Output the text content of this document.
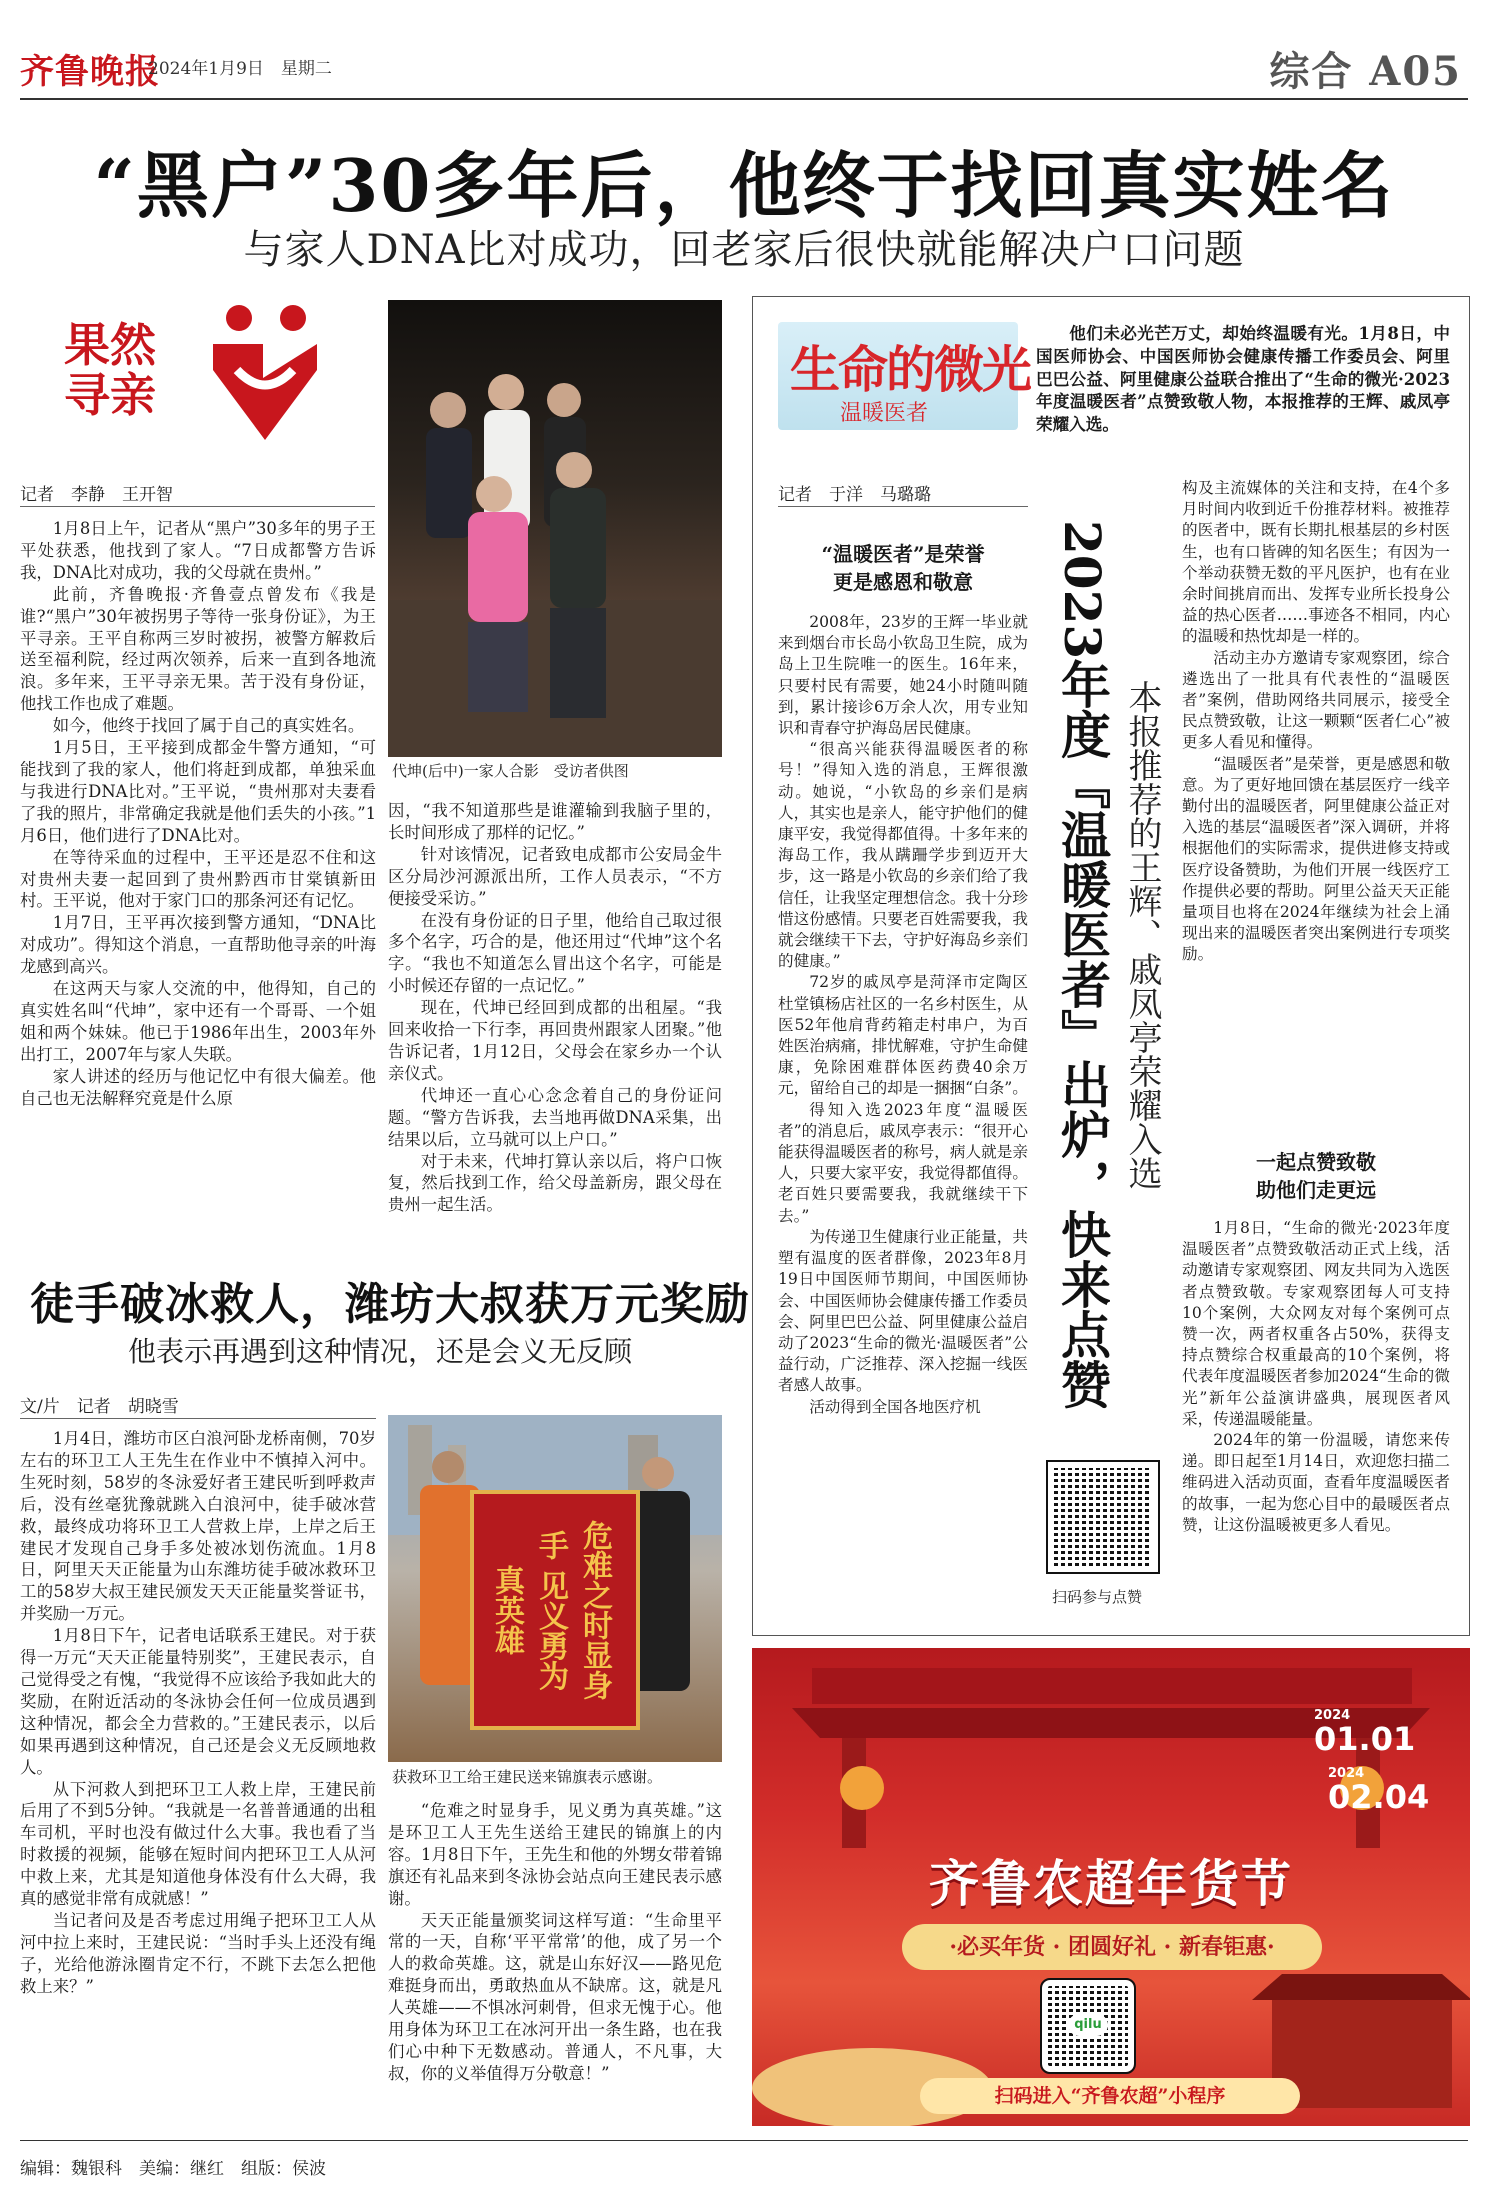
齐鲁晚报
2024年1月9日　星期二	综合 A05
“黑户”30多年后，他终于找回真实姓名
与家人DNA比对成功，回老家后很快就能解决户口问题
果然
寻亲
记者　李静　王开智

1月8日上午，记者从“黑户”30多年的男子王平处获悉，他找到了家人。“7日成都警方告诉我，DNA比对成功，我的父母就在贵州。”

此前，齐鲁晚报·齐鲁壹点曾发布《我是谁?“黑户”30年被拐男子等待一张身份证》，为王平寻亲。王平自称两三岁时被拐，被警方解救后送至福利院，经过两次领养，后来一直到各地流浪。多年来，王平寻亲无果。苦于没有身份证，他找工作也成了难题。

如今，他终于找回了属于自己的真实姓名。

1月5日，王平接到成都金牛警方通知，“可能找到了我的家人，他们将赶到成都，单独采血与我进行DNA比对。”王平说，“贵州那对夫妻看了我的照片，非常确定我就是他们丢失的小孩。”1月6日，他们进行了DNA比对。

在等待采血的过程中，王平还是忍不住和这对贵州夫妻一起回到了贵州黔西市甘棠镇新田村。王平说，他对于家门口的那条河还有记忆。

1月7日，王平再次接到警方通知，“DNA比对成功”。得知这个消息，一直帮助他寻亲的叶海龙感到高兴。

在这两天与家人交流的中，他得知，自己的真实姓名叫“代坤”，家中还有一个哥哥、一个姐姐和两个妹妹。他已于1986年出生，2003年外出打工，2007年与家人失联。

家人讲述的经历与他记忆中有很大偏差。他自己也无法解释究竟是什么原

代坤(后中)一家人合影　受访者供图

因，“我不知道那些是谁灌输到我脑子里的，长时间形成了那样的记忆。”

针对该情况，记者致电成都市公安局金牛区分局沙河源派出所，工作人员表示，“不方便接受采访。”

在没有身份证的日子里，他给自己取过很多个名字，巧合的是，他还用过“代坤”这个名字。“我也不知道怎么冒出这个名字，可能是小时候还存留的一点记忆。”

现在，代坤已经回到成都的出租屋。“我回来收拾一下行李，再回贵州跟家人团聚。”他告诉记者，1月12日，父母会在家乡办一个认亲仪式。

代坤还一直心心念念着自己的身份证问题。“警方告诉我，去当地再做DNA采集，出结果以后，立马就可以上户口。”

对于未来，代坤打算认亲以后，将户口恢复，然后找到工作，给父母盖新房，跟父母在贵州一起生活。

徒手破冰救人，潍坊大叔获万元奖励
他表示再遇到这种情况，还是会义无反顾
文/片　记者　胡晓雪

1月4日，潍坊市区白浪河卧龙桥南侧，70岁左右的环卫工人王先生在作业中不慎掉入河中。生死时刻，58岁的冬泳爱好者王建民听到呼救声后，没有丝毫犹豫就跳入白浪河中，徒手破冰营救，最终成功将环卫工人营救上岸，上岸之后王建民才发现自己身手多处被冰划伤流血。1月8日，阿里天天正能量为山东潍坊徒手破冰救环卫工的58岁大叔王建民颁发天天正能量奖誉证书，并奖励一万元。

1月8日下午，记者电话联系王建民。对于获得一万元“天天正能量特别奖”，王建民表示，自己觉得受之有愧，“我觉得不应该给予我如此大的奖励，在附近活动的冬泳协会任何一位成员遇到这种情况，都会全力营救的。”王建民表示，以后如果再遇到这种情况，自己还是会义无反顾地救人。

从下河救人到把环卫工人救上岸，王建民前后用了不到5分钟。“我就是一名普普通通的出租车司机，平时也没有做过什么大事。我也看了当时救援的视频，能够在短时间内把环卫工人从河中救上来，尤其是知道他身体没有什么大碍，我真的感觉非常有成就感！”

当记者问及是否考虑过用绳子把环卫工人从河中拉上来时，王建民说：“当时手头上还没有绳子，光给他游泳圈肯定不行，不跳下去怎么把他救上来？”

危难之时显身手 见义勇为真英雄
获救环卫工给王建民送来锦旗表示感谢。

“危难之时显身手，见义勇为真英雄。”这是环卫工人王先生送给王建民的锦旗上的内容。1月8日下午，王先生和他的外甥女带着锦旗还有礼品来到冬泳协会站点向王建民表示感谢。

天天正能量颁奖词这样写道：“生命里平常的一天，自称‘平平常常’的他，成了另一个人的救命英雄。这，就是山东好汉——路见危难挺身而出，勇敢热血从不缺席。这，就是凡人英雄——不惧冰河刺骨，但求无愧于心。他用身体为环卫工在冰河开出一条生路，也在我们心中种下无数感动。普通人，不凡事，大叔，你的义举值得万分敬意！”

生命的微光
温暖医者
他们未必光芒万丈，却始终温暖有光。1月8日，中国医师协会、中国医师协会健康传播工作委员会、阿里巴巴公益、阿里健康公益联合推出了“生命的微光·2023年度温暖医者”点赞致敬人物，本报推荐的王辉、戚凤亭荣耀入选。
记者　于洋　马璐璐
“温暖医者”是荣誉
更是感恩和敬意

2008年，23岁的王辉一毕业就来到烟台市长岛小钦岛卫生院，成为岛上卫生院唯一的医生。16年来，只要村民有需要，她24小时随叫随到，累计接诊6万余人次，用专业知识和青春守护海岛居民健康。

“很高兴能获得温暖医者的称号！”得知入选的消息，王辉很激动。她说，“小钦岛的乡亲们是病人，其实也是亲人，能守护他们的健康平安，我觉得都值得。十多年来的海岛工作，我从蹒跚学步到迈开大步，这一路是小钦岛的乡亲们给了我信任，让我坚定理想信念。我十分珍惜这份感情。只要老百姓需要我，我就会继续干下去，守护好海岛乡亲们的健康。”

72岁的戚凤亭是菏泽市定陶区杜堂镇杨店社区的一名乡村医生，从医52年他肩背药箱走村串户，为百姓医治病痛，排忧解难，守护生命健康，免除困难群体医药费40余万元，留给自己的却是一捆捆“白条”。

得知入选2023年度“温暖医者”的消息后，戚凤亭表示：“很开心能获得温暖医者的称号，病人就是亲人，只要大家平安，我觉得都值得。老百姓只要需要我，我就继续干下去。”

为传递卫生健康行业正能量，共塑有温度的医者群像，2023年8月19日中国医师节期间，中国医师协会、中国医师协会健康传播工作委员会、阿里巴巴公益、阿里健康公益启动了2023“生命的微光·温暖医者”公益行动，广泛推荐、深入挖掘一线医者感人故事。

活动得到全国各地医疗机	2023年度『温暖医者』出炉，快来点赞 本报推荐的王辉、戚凤亭荣耀入选
扫码参与点赞

构及主流媒体的关注和支持，在4个多月时间内收到近千份推荐材料。被推荐的医者中，既有长期扎根基层的乡村医生，也有口皆碑的知名医生；有因为一个举动获赞无数的平凡医护，也有在业余时间挑肩而出、发挥专业所长投身公益的热心医者……事迹各不相同，内心的温暖和热忱却是一样的。

活动主办方邀请专家观察团，综合遴选出了一批具有代表性的“温暖医者”案例，借助网络共同展示，接受全民点赞致敬，让这一颗颗“医者仁心”被更多人看见和懂得。

“温暖医者”是荣誉，更是感恩和敬意。为了更好地回馈在基层医疗一线辛勤付出的温暖医者，阿里健康公益正对入选的基层“温暖医者”深入调研，并将根据他们的实际需求，提供进修支持或医疗设备赞助，为他们开展一线医疗工作提供必要的帮助。阿里公益天天正能量项目也将在2024年继续为社会上涌现出来的温暖医者突出案例进行专项奖励。

一起点赞致敬
助他们走更远

1月8日，“生命的微光·2023年度温暖医者”点赞致敬活动正式上线，活动邀请专家观察团、网友共同为入选医者点赞致敬。专家观察团每人可支持10个案例，大众网友对每个案例可点赞一次，两者权重各占50%，获得支持点赞综合权重最高的10个案例，将代表年度温暖医者参加2024“生命的微光”新年公益演讲盛典，展现医者风采，传递温暖能量。

2024年的第一份温暖，请您来传递。即日起至1月14日，欢迎您扫描二维码进入活动页面，查看年度温暖医者的故事，一起为您心目中的最暖医者点赞，让这份温暖被更多人看见。

2024
01.01
2024
02.04
齐鲁农超年货节
·必买年货 · 团圆好礼 · 新春钜惠·
qilu
扫码进入“齐鲁农超”小程序
编辑：魏银科　美编：继红　组版：侯波
